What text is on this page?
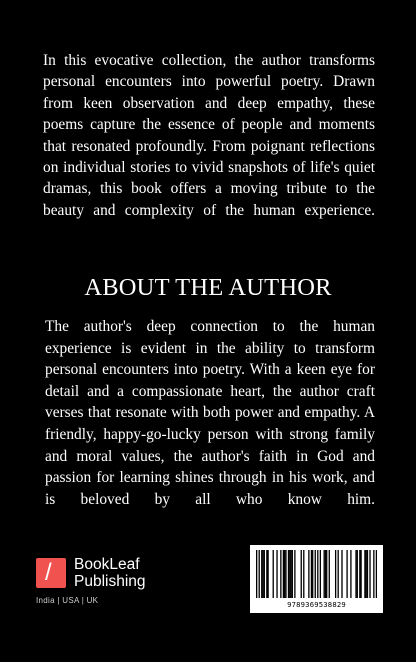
In this evocative collection, the author transforms personal encounters into powerful poetry. Drawn from keen observation and deep empathy, these poems capture the essence of people and moments that resonated profoundly. From poignant reflections on individual stories to vivid snapshots of life's quiet dramas, this book offers a moving tribute to the beauty and complexity of the human experience.

ABOUT THE AUTHOR

The author's deep connection to the human experience is evident in the ability to transform personal encounters into poetry. With a keen eye for detail and a compassionate heart, the author craft verses that resonate with both power and empathy. A friendly, happy-go-lucky person with strong family and moral values, the author's faith in God and passion for learning shines through in his work, and is beloved by all who know him.

/ BookLeaf
Publishing
India | USA | UK	9789369538829
